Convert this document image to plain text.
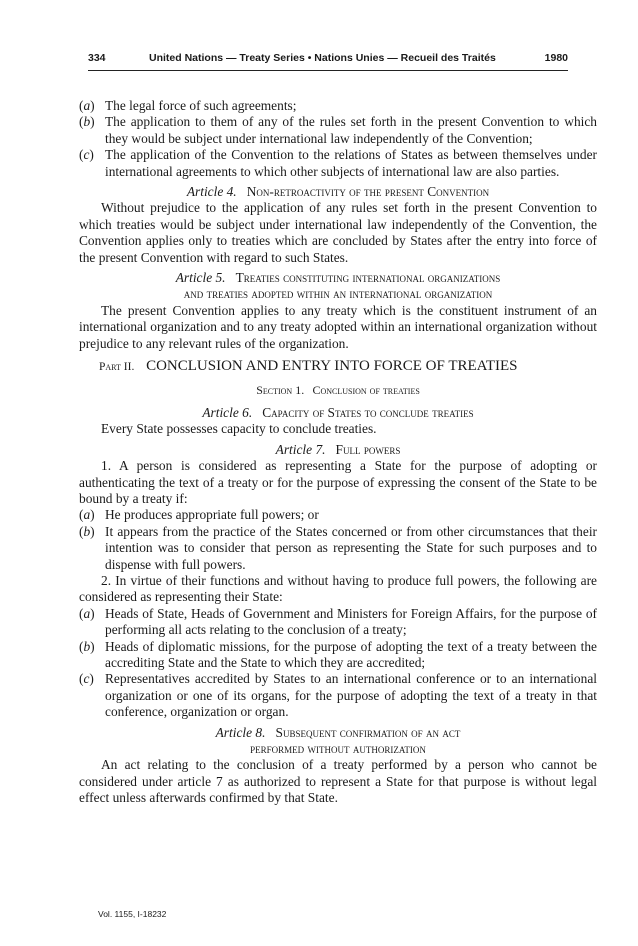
334	United Nations — Treaty Series • Nations Unies — Recueil des Traités	1980
( a )	The legal force of such agreements;
( b )	The application to them of any of the rules set forth in the present Convention to which they would be subject under international law independently of the Convention;
( c )	The application of the Convention to the relations of States as between themselves under international agreements to which other subjects of international law are also parties.
Article 4. Non-retroactivity of the present Convention
Without prejudice to the application of any rules set forth in the present Convention to which treaties would be subject under international law independently of the Convention, the Convention applies only to treaties which are concluded by States after the entry into force of the present Convention with regard to such States.
Article 5. Treaties constituting international organizations
and treaties adopted within an international organization
The present Convention applies to any treaty which is the constituent instrument of an international organization and to any treaty adopted within an international organization without prejudice to any relevant rules of the organization.
Part II. CONCLUSION AND ENTRY INTO FORCE OF TREATIES
Section 1. Conclusion of treaties
Article 6. Capacity of States to conclude treaties
Every State possesses capacity to conclude treaties.
Article 7. Full powers
1. A person is considered as representing a State for the purpose of adopting or authenticating the text of a treaty or for the purpose of expressing the consent of the State to be bound by a treaty if:
( a )	He produces appropriate full powers; or
( b )	It appears from the practice of the States concerned or from other circumstances that their intention was to consider that person as representing the State for such purposes and to dispense with full powers.
2. In virtue of their functions and without having to produce full powers, the following are considered as representing their State:
( a )	Heads of State, Heads of Government and Ministers for Foreign Affairs, for the purpose of performing all acts relating to the conclusion of a treaty;
( b )	Heads of diplomatic missions, for the purpose of adopting the text of a treaty between the accrediting State and the State to which they are accredited;
( c )	Representatives accredited by States to an international conference or to an international organization or one of its organs, for the purpose of adopting the text of a treaty in that conference, organization or organ.
Article 8. Subsequent confirmation of an act
performed without authorization
An act relating to the conclusion of a treaty performed by a person who cannot be considered under article 7 as authorized to represent a State for that purpose is without legal effect unless afterwards confirmed by that State.
Vol. 1155, I-18232
